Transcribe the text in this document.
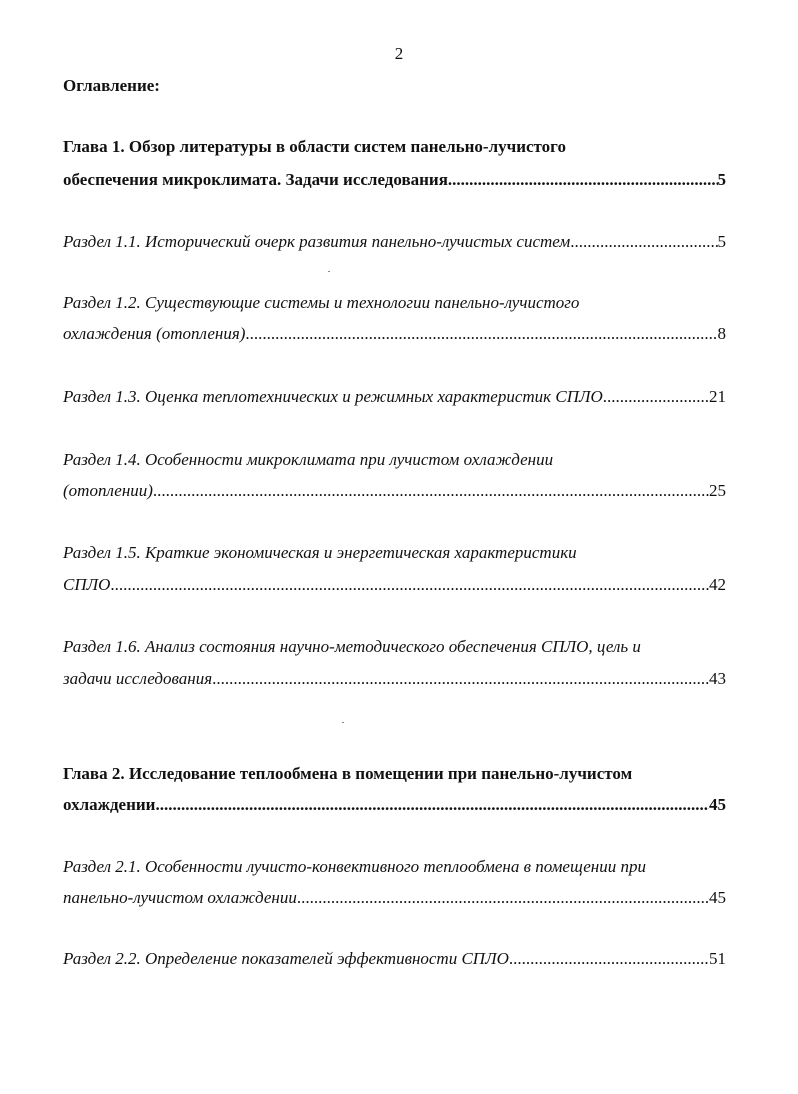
2
Оглавление:
Глава 1. Обзор литературы в области систем панельно-лучистого
обеспечения микроклимата. Задачи исследования .....	5
Раздел 1.1. Исторический очерк развития панельно-лучистых систем .....	5
Раздел 1.2. Существующие системы и технологии панельно-лучистого
охлаждения (отопления) .....	8
Раздел 1.3. Оценка теплотехнических и режимных характеристик СПЛО .....	21
Раздел 1.4. Особенности микроклимата при лучистом охлаждении
(отоплении) .....	25
Раздел 1.5. Краткие экономическая и энергетическая характеристики
СПЛО .....	42
Раздел 1.6. Анализ состояния научно-методического обеспечения СПЛО, цель и
задачи исследования .....	43
Глава 2. Исследование теплообмена в помещении при панельно-лучистом
охлаждении .....	45
Раздел 2.1. Особенности лучисто-конвективного теплообмена в помещении при
панельно-лучистом охлаждении .....	45
Раздел 2.2. Определение показателей эффективности СПЛО .....	51
